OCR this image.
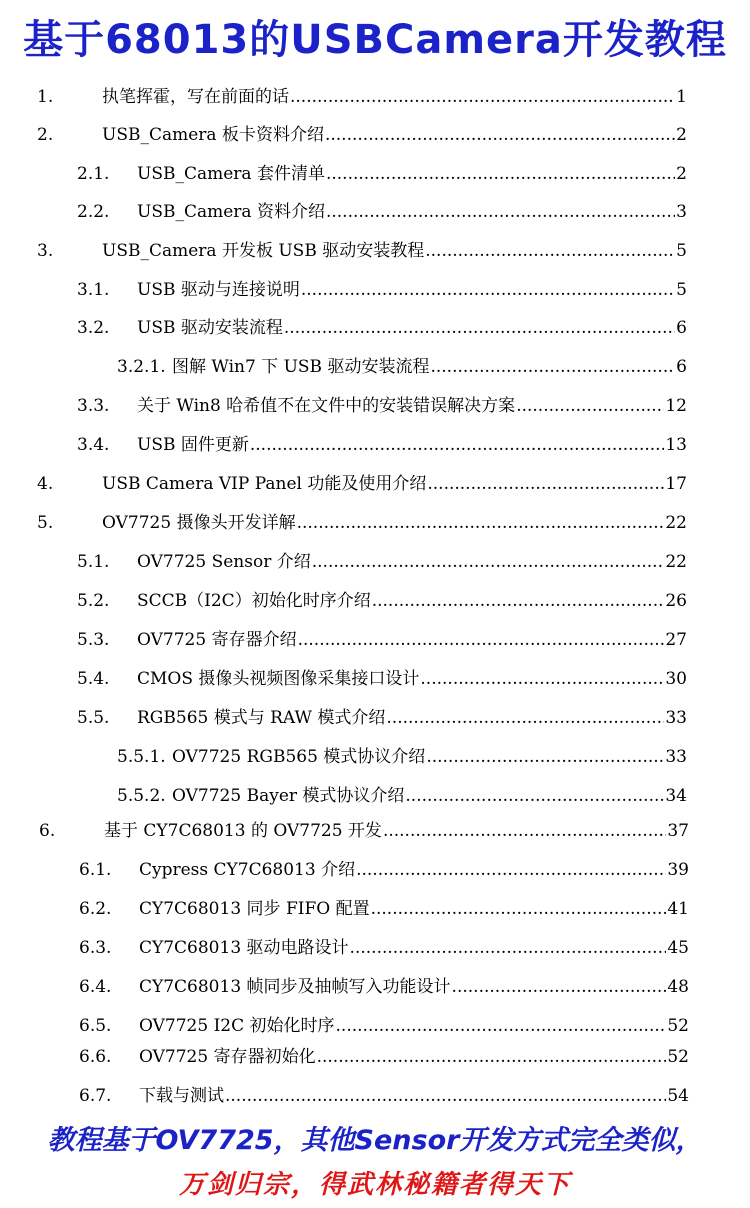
基于68013的USBCamera开发教程
1.	执笔挥霍，写在前面的话 .....	1
2.	USB_Camera 板卡资料介绍 .....	2
2.1. USB_Camera 套件清单 .....	2
2.2. USB_Camera 资料介绍 .....	3
3.	USB_Camera 开发板 USB 驱动安装教程 .....	5
3.1. USB 驱动与连接说明 .....	5
3.2. USB 驱动安装流程 .....	6
3.2.1. 图解 Win7 下 USB 驱动安装流程 .....	6
3.3. 关于 Win8 哈希值不在文件中的安装错误解决方案 .....	12
3.4. USB 固件更新 .....	13
4.	USB Camera VIP Panel 功能及使用介绍 .....	17
5.	OV7725 摄像头开发详解 .....	22
5.1. OV7725 Sensor 介绍 .....	22
5.2. SCCB（I2C）初始化时序介绍 .....	26
5.3. OV7725 寄存器介绍 .....	27
5.4. CMOS 摄像头视频图像采集接口设计 .....	30
5.5. RGB565 模式与 RAW 模式介绍 .....	33
5.5.1. OV7725 RGB565 模式协议介绍 .....	33
5.5.2. OV7725 Bayer 模式协议介绍 .....	34
6.	基于 CY7C68013 的 OV7725 开发 .....	37
6.1. Cypress CY7C68013 介绍 .....	39
6.2. CY7C68013 同步 FIFO 配置 .....	41
6.3. CY7C68013 驱动电路设计 .....	45
6.4. CY7C68013 帧同步及抽帧写入功能设计 .....	48
6.5. OV7725 I2C 初始化时序 .....	52
6.6. OV7725 寄存器初始化 .....	52
6.7. 下载与测试 .....	54
教程基于OV7725，其他Sensor开发方式完全类似，
万剑归宗，得武林秘籍者得天下
